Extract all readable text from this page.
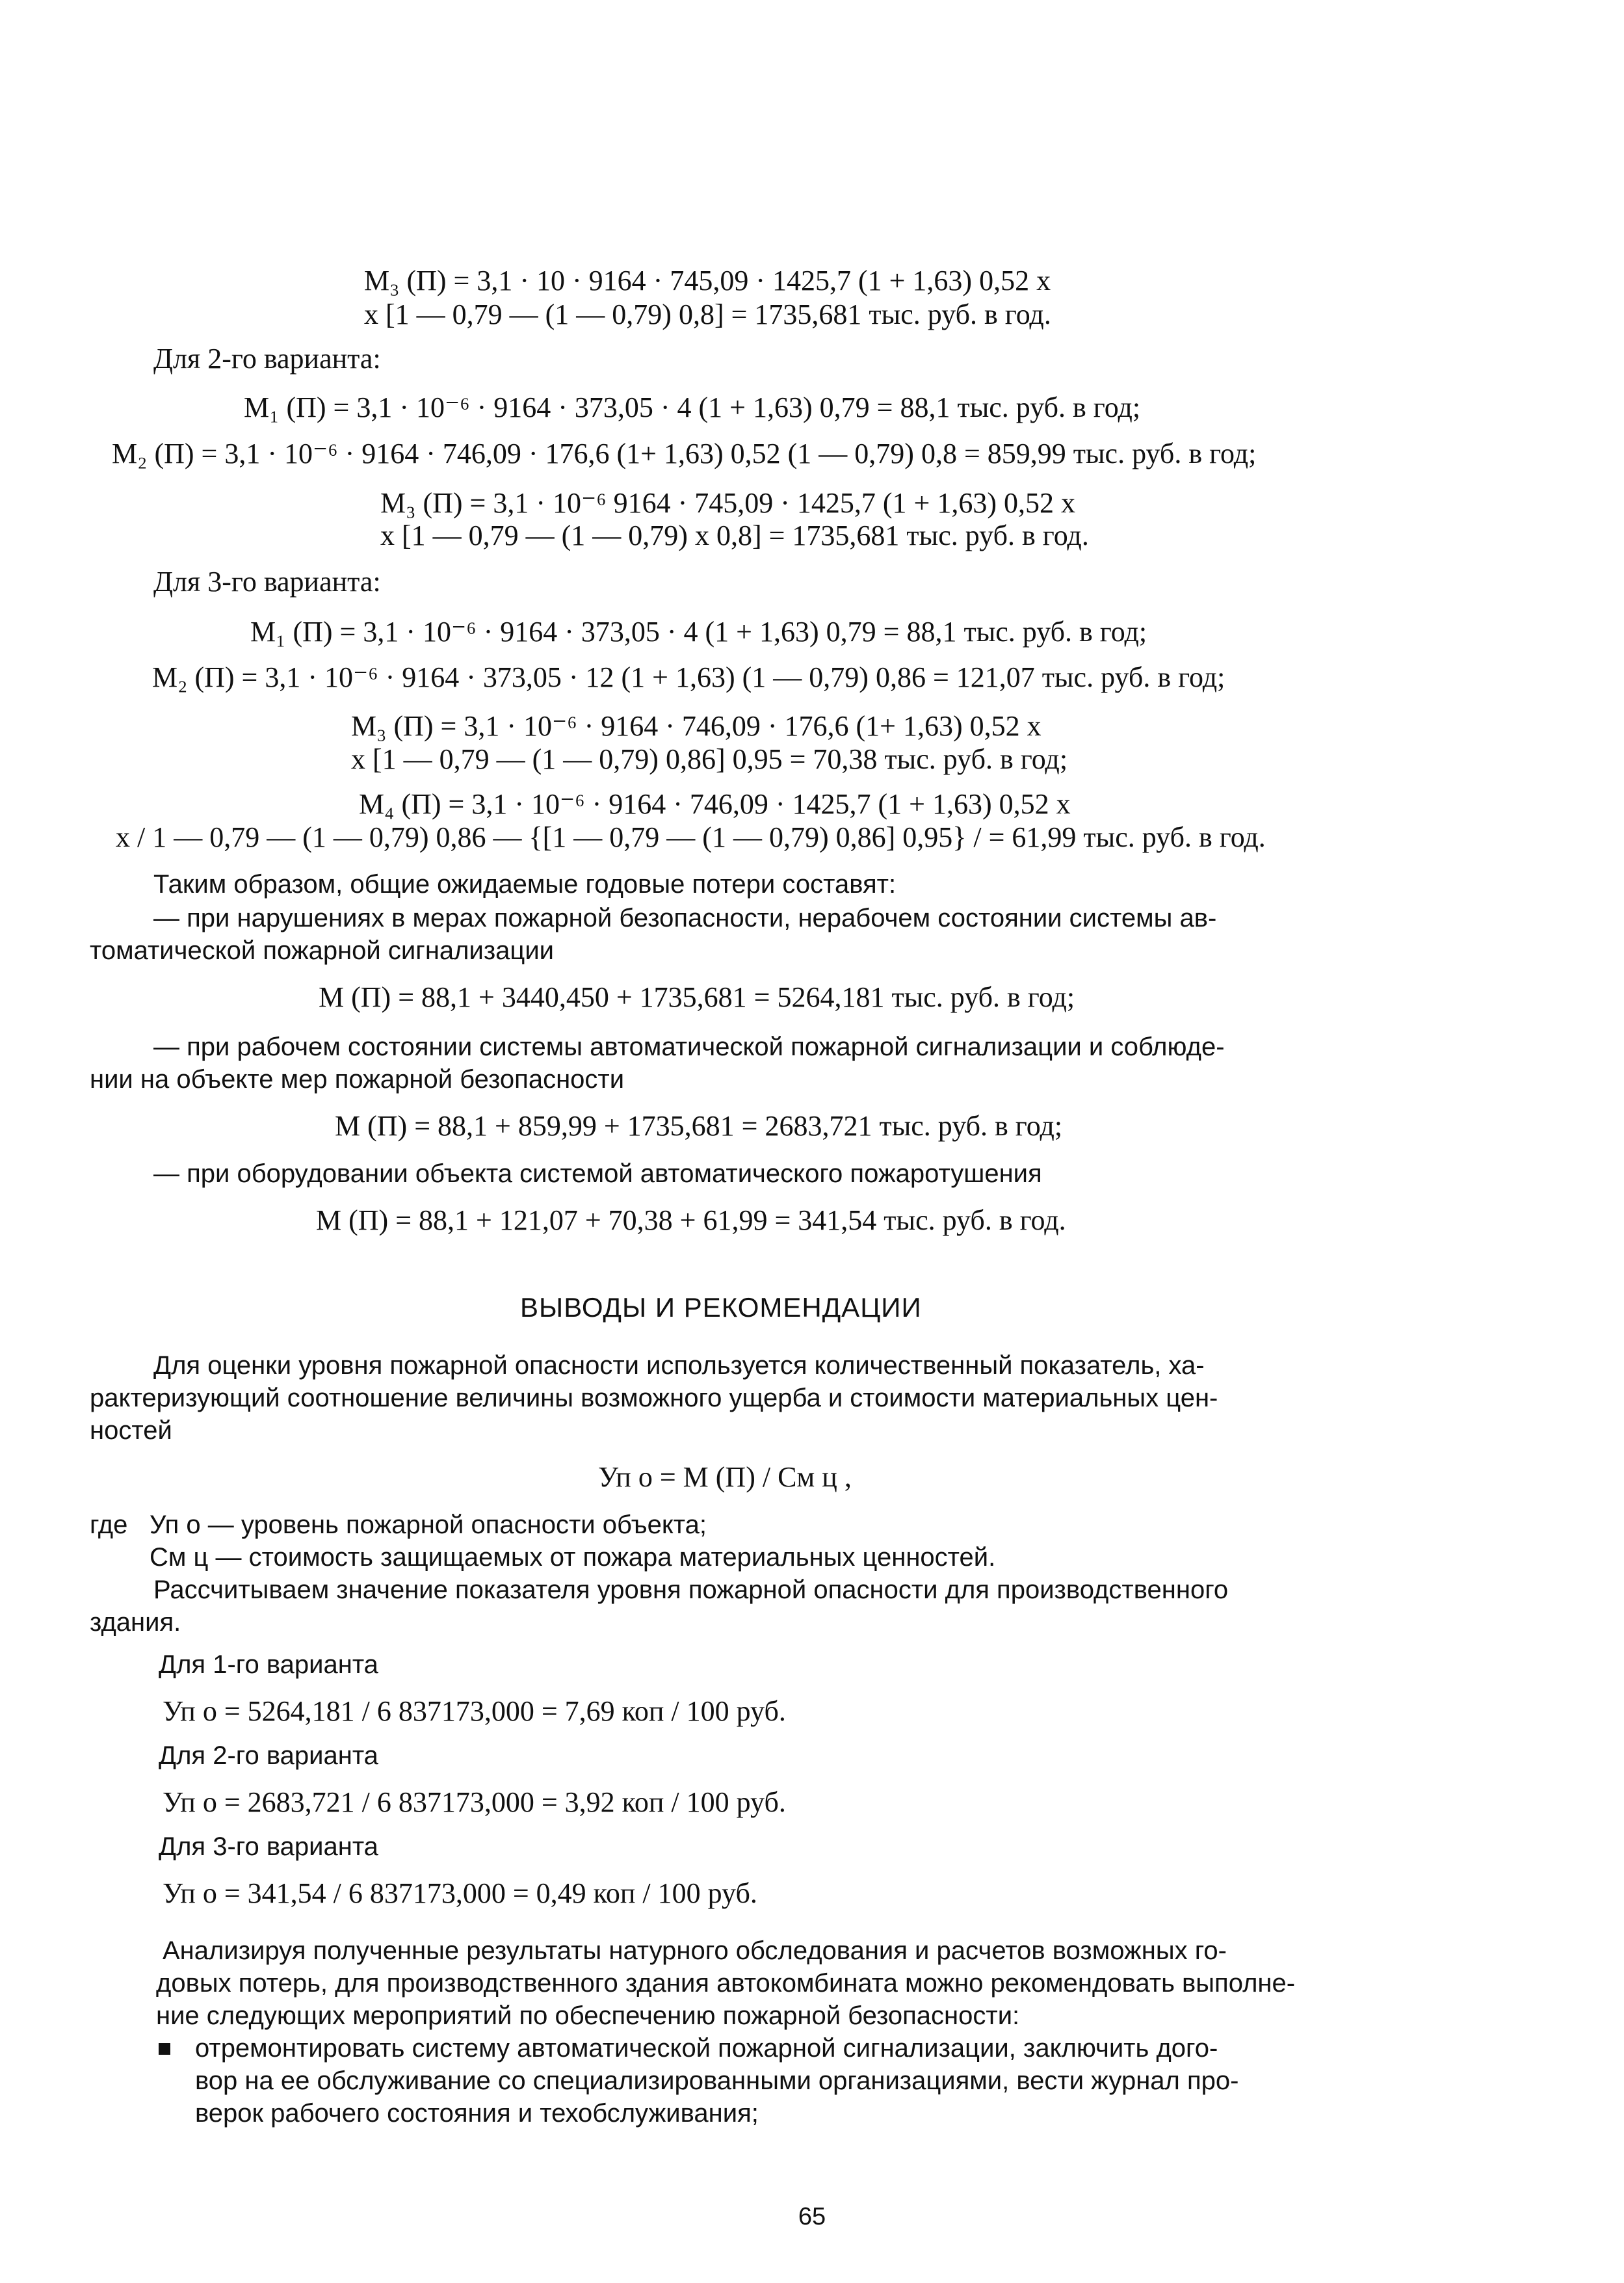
M₃ (П) = 3,1 · 10 · 9164 · 745,09 · 1425,7 (1 + 1,63) 0,52 x
x [1 — 0,79 — (1 — 0,79) 0,8] = 1735,681 тыс. руб. в год.
Для 2-го варианта:
M₁ (П) = 3,1 · 10⁻⁶ · 9164 · 373,05 · 4 (1 + 1,63) 0,79 = 88,1 тыс. руб. в год;
M₂ (П) = 3,1 · 10⁻⁶ · 9164 · 746,09 · 176,6 (1+ 1,63) 0,52 (1 — 0,79) 0,8 = 859,99 тыс. руб. в год;
M₃ (П) = 3,1 · 10⁻⁶ 9164 · 745,09 · 1425,7 (1 + 1,63) 0,52 x
x [1 — 0,79 — (1 — 0,79) x 0,8] = 1735,681 тыс. руб. в год.
Для 3-го варианта:
M₁ (П) = 3,1 · 10⁻⁶ · 9164 · 373,05 · 4 (1 + 1,63) 0,79 = 88,1 тыс. руб. в год;
M₂ (П) = 3,1 · 10⁻⁶ · 9164 · 373,05 · 12 (1 + 1,63) (1 — 0,79) 0,86 = 121,07 тыс. руб. в год;
M₃ (П) = 3,1 · 10⁻⁶ · 9164 · 746,09 · 176,6 (1+ 1,63) 0,52 x
x [1 — 0,79 — (1 — 0,79) 0,86] 0,95 = 70,38 тыс. руб. в год;
M₄ (П) = 3,1 · 10⁻⁶ · 9164 · 746,09 · 1425,7 (1 + 1,63) 0,52 x
x / 1 — 0,79 — (1 — 0,79) 0,86 — {[1 — 0,79 — (1 — 0,79) 0,86] 0,95} / = 61,99 тыс. руб. в год.
Таким образом, общие ожидаемые годовые потери составят:
— при нарушениях в мерах пожарной безопасности, нерабочем состоянии системы ав-
томатической пожарной сигнализации
M (П) = 88,1 + 3440,450 + 1735,681 = 5264,181 тыс. руб. в год;
— при рабочем состоянии системы автоматической пожарной сигнализации и соблюде-
нии на объекте мер пожарной безопасности
M (П) = 88,1 + 859,99 + 1735,681 = 2683,721 тыс. руб. в год;
— при оборудовании объекта системой автоматического пожаротушения
M (П) = 88,1 + 121,07 + 70,38 + 61,99 = 341,54 тыс. руб. в год.
ВЫВОДЫ И РЕКОМЕНДАЦИИ
Для оценки уровня пожарной опасности используется количественный показатель, ха-
рактеризующий соотношение величины возможного ущерба и стоимости материальных цен-
ностей
Уп о = M (П) / Cм ц ,
где Уп о — уровень пожарной опасности объекта;
Cм ц — стоимость защищаемых от пожара материальных ценностей.
Рассчитываем значение показателя уровня пожарной опасности для производственного
здания.
Для 1-го варианта
Уп о = 5264,181 / 6 837173,000 = 7,69 коп / 100 руб.
Для 2-го варианта
Уп о = 2683,721 / 6 837173,000 = 3,92 коп / 100 руб.
Для 3-го варианта
Уп о = 341,54 / 6 837173,000 = 0,49 коп / 100 руб.
Анализируя полученные результаты натурного обследования и расчетов возможных го-
довых потерь, для производственного здания автокомбината можно рекомендовать выполне-
ние следующих мероприятий по обеспечению пожарной безопасности:
отремонтировать систему автоматической пожарной сигнализации, заключить дого-
вор на ее обслуживание со специализированными организациями, вести журнал про-
верок рабочего состояния и техобслуживания;
65
